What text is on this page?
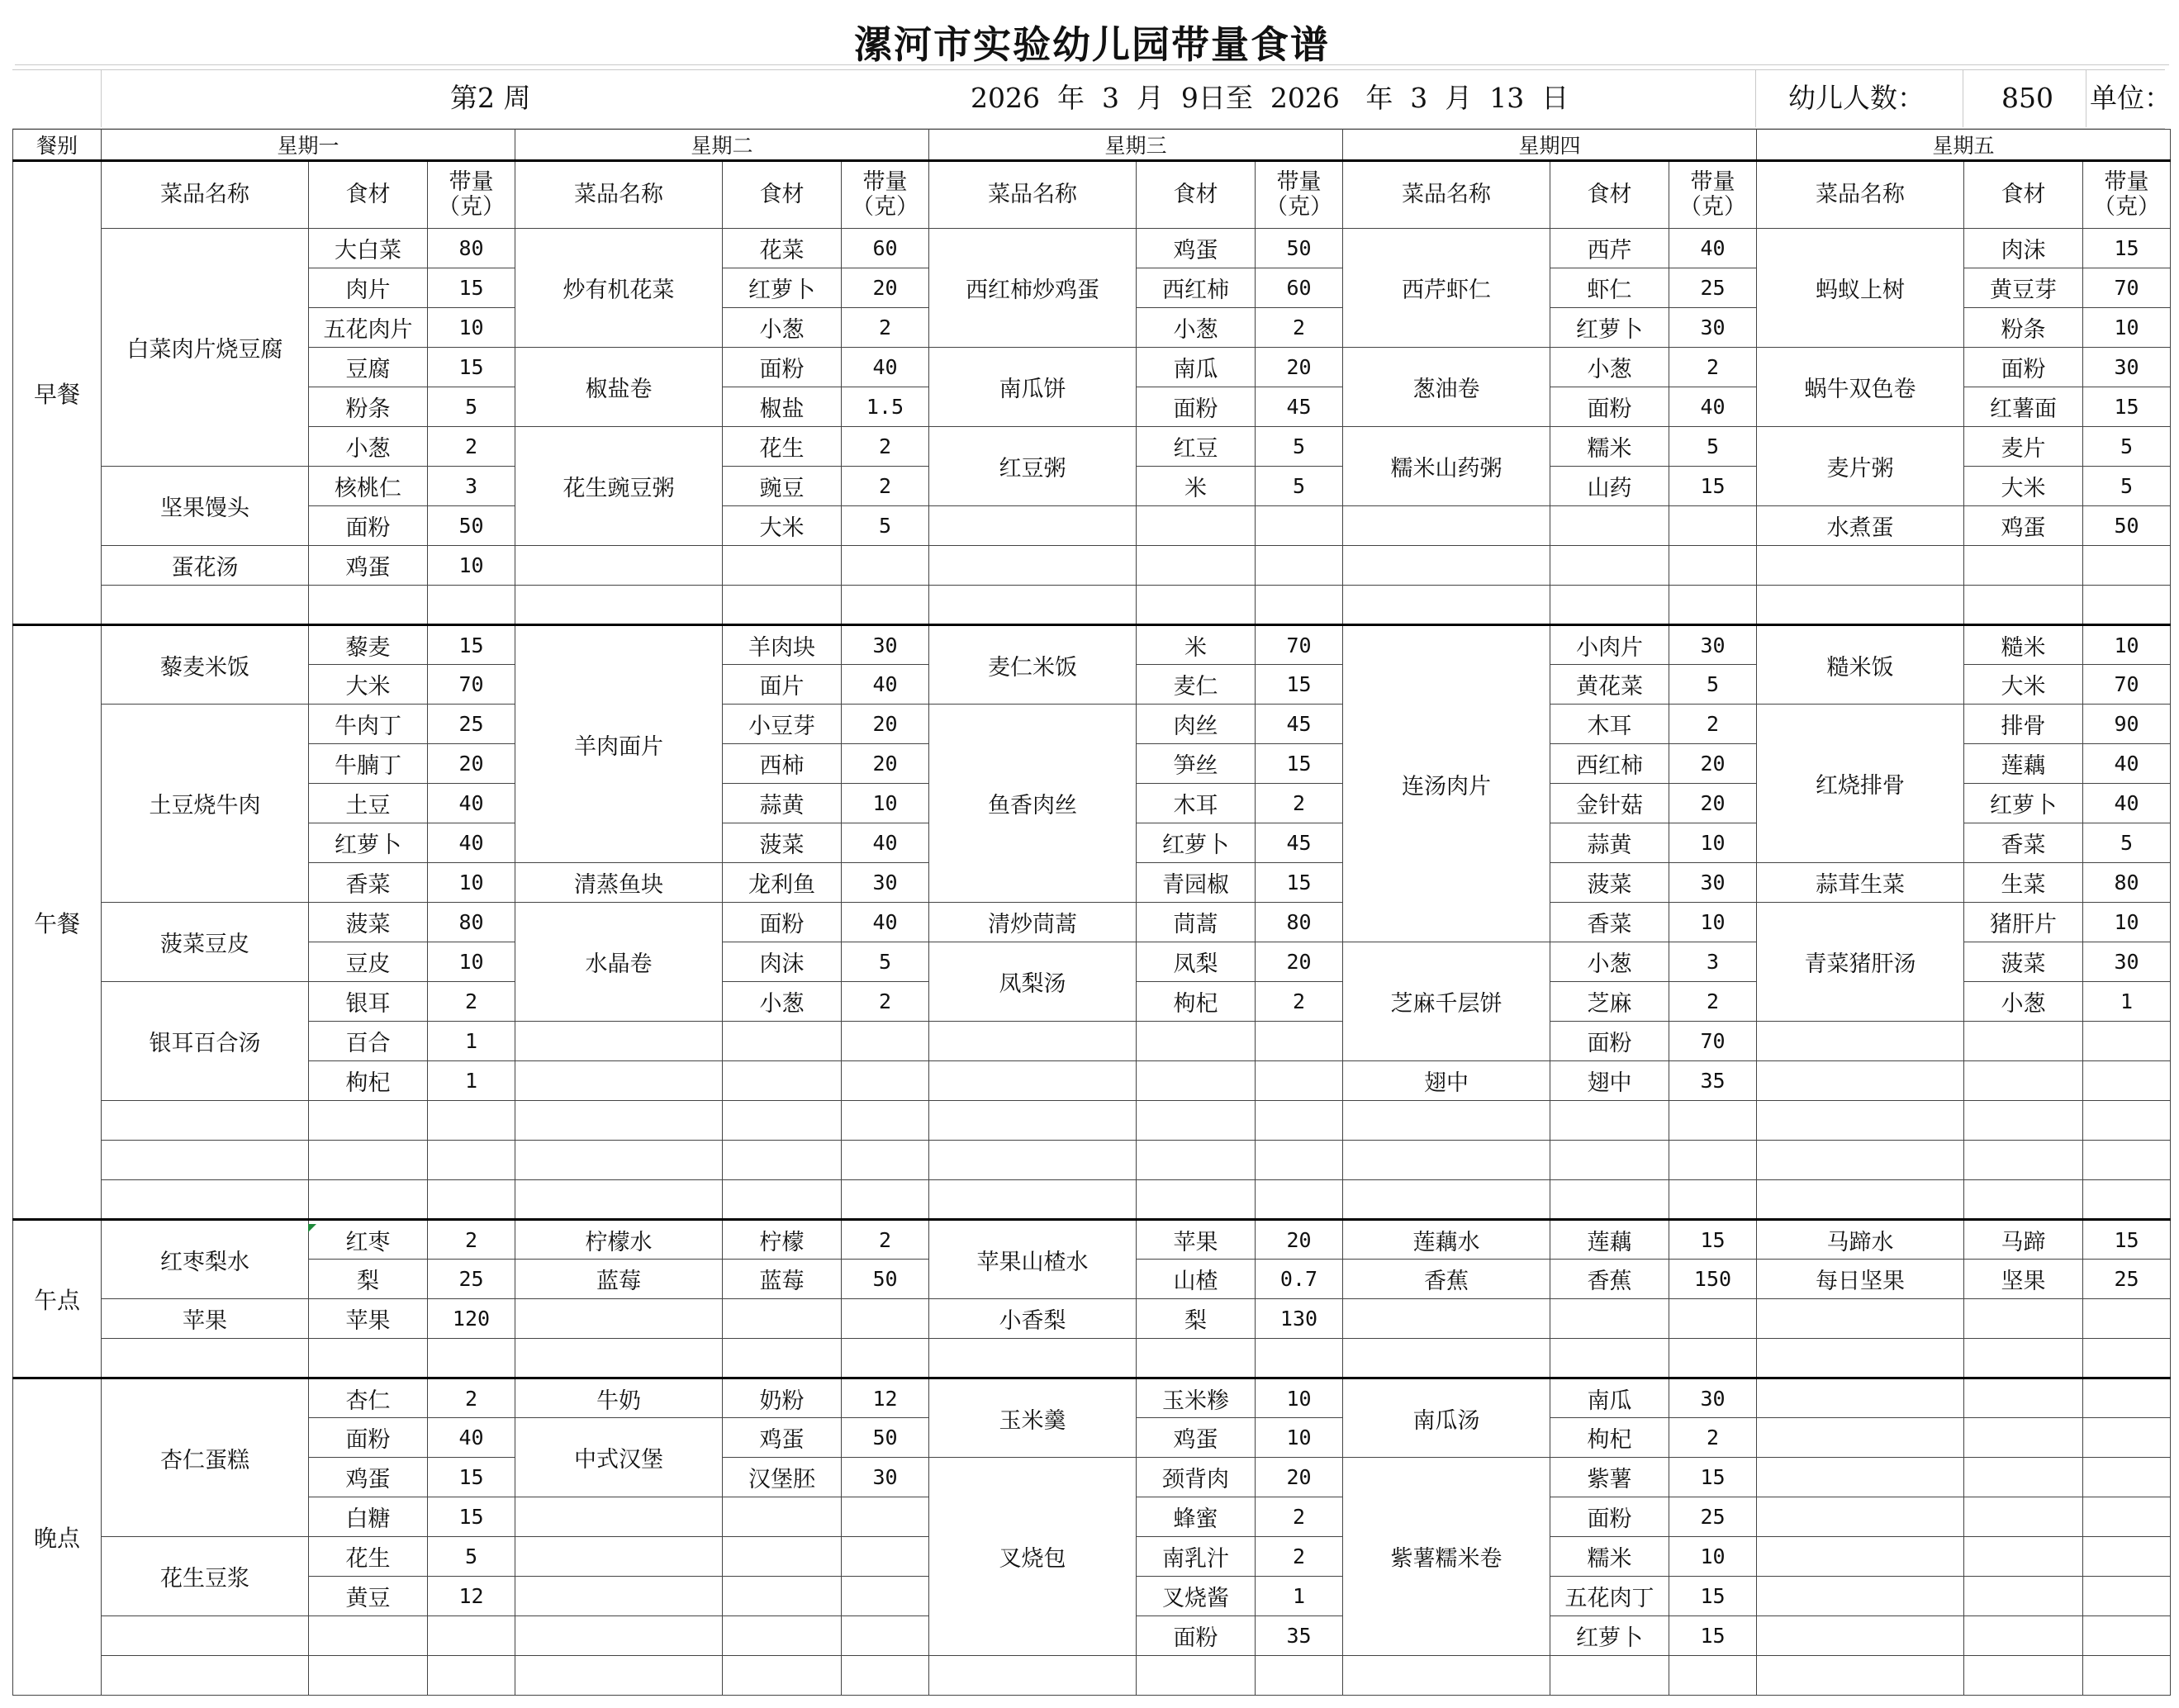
漯河市实验幼儿园带量食谱
第2 周	2026  年  3  月  9日至  2026   年  3  月  13  日	幼儿人数：	850 单位：
餐别	星期一			星期二			星期三			星期四			星期五		
早餐	菜品名称	食材	带量（克）	菜品名称	食材	带量（克）	菜品名称	食材	带量（克）	菜品名称	食材	带量（克）	菜品名称	食材	带量（克）
	白菜肉片烧豆腐	大白菜	80	炒有机花菜	花菜	60	西红柿炒鸡蛋	鸡蛋	50	西芹虾仁	西芹	40	蚂蚁上树	肉沫	15
		肉片	15		红萝卜	20		西红柿	60		虾仁	25		黄豆芽	70
		五花肉片	10		小葱	2		小葱	2		红萝卜	30		粉条	10
		豆腐	15	椒盐卷	面粉	40	南瓜饼	南瓜	20	葱油卷	小葱	2	蜗牛双色卷	面粉	30
		粉条	5		椒盐	1.5		面粉	45		面粉	40		红薯面	15
		小葱	2	花生豌豆粥	花生	2	红豆粥	红豆	5	糯米山药粥	糯米	5	麦片粥	麦片	5
	坚果馒头	核桃仁	3		豌豆	2		米	5		山药	15		大米	5
		面粉	50		大米	5							水煮蛋	鸡蛋	50
	蛋花汤	鸡蛋	10												

午餐	藜麦米饭	藜麦	15	羊肉面片	羊肉块	30	麦仁米饭	米	70	连汤肉片	小肉片	30	糙米饭	糙米	10
		大米	70		面片	40		麦仁	15		黄花菜	5		大米	70
	土豆烧牛肉	牛肉丁	25		小豆芽	20	鱼香肉丝	肉丝	45		木耳	2	红烧排骨	排骨	90
		牛腩丁	20		西柿	20		笋丝	15		西红柿	20		莲藕	40
		土豆	40		蒜黄	10		木耳	2		金针菇	20		红萝卜	40
		红萝卜	40		菠菜	40		红萝卜	45		蒜黄	10		香菜	5
		香菜	10	清蒸鱼块	龙利鱼	30		青园椒	15		菠菜	30	蒜茸生菜	生菜	80
	菠菜豆皮	菠菜	80	水晶卷	面粉	40	清炒茼蒿	茼蒿	80		香菜	10	青菜猪肝汤	猪肝片	10
		豆皮	10		肉沫	5	凤梨汤	凤梨	20	芝麻千层饼	小葱	3		菠菜	30
	银耳百合汤	银耳	2		小葱	2		枸杞	2		芝麻	2		小葱	1
		百合	1								面粉	70			
		枸杞	1							翅中	翅中	35			

午点	红枣梨水	红枣	2	柠檬水	柠檬	2	苹果山楂水	苹果	20	莲藕水	莲藕	15	马蹄水	马蹄	15
		梨	25	蓝莓	蓝莓	50		山楂	0.7	香蕉	香蕉	150	每日坚果	坚果	25
	苹果	苹果	120				小香梨	梨	130						

晚点	杏仁蛋糕	杏仁	2	牛奶	奶粉	12	玉米羹	玉米糁	10	南瓜汤	南瓜	30			
		面粉	40	中式汉堡	鸡蛋	50		鸡蛋	10		枸杞	2			
		鸡蛋	15		汉堡胚	30	叉烧包	颈背肉	20	紫薯糯米卷	紫薯	15			
		白糖	15					蜂蜜	2		面粉	25			
	花生豆浆	花生	5					南乳汁	2		糯米	10			
		黄豆	12					叉烧酱	1		五花肉丁	15			
								面粉	35		红萝卜	15			
